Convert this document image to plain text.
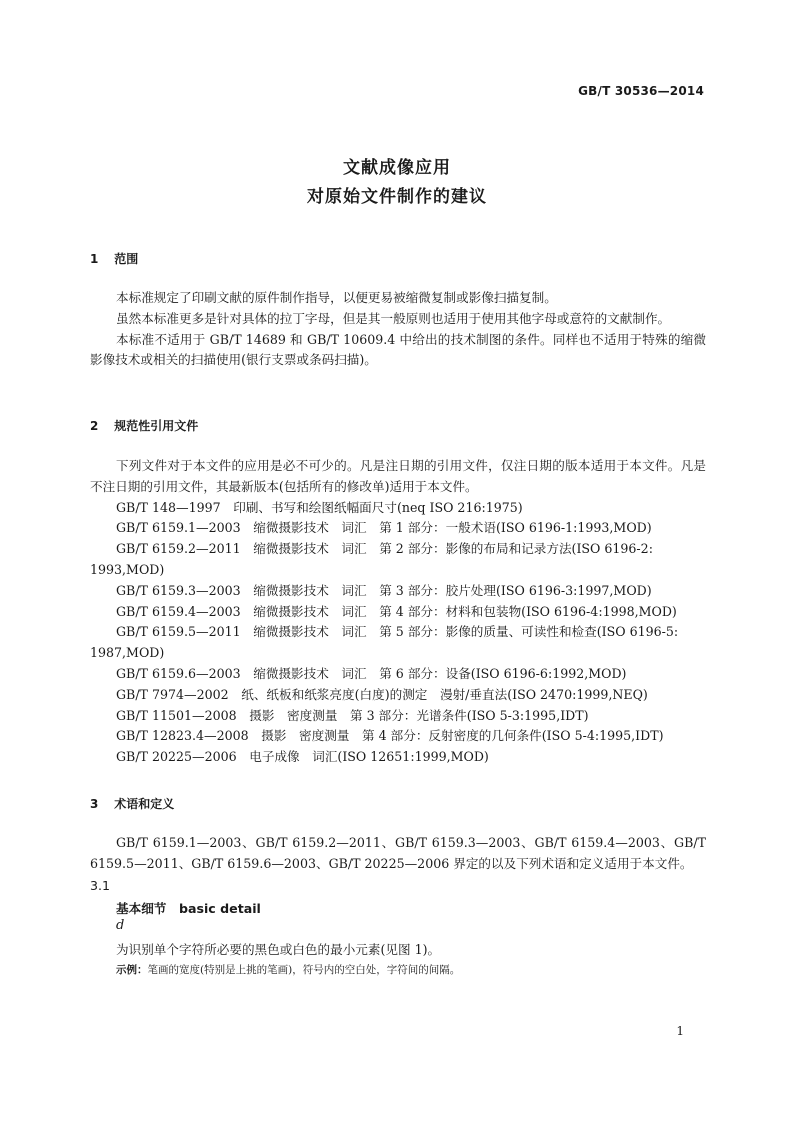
GB/T 30536—2014
文献成像应用
对原始文件制作的建议
1 范围

本标准规定了印刷文献的原件制作指导，以便更易被缩微复制或影像扫描复制。

虽然本标准更多是针对具体的拉丁字母，但是其一般原则也适用于使用其他字母或意符的文献制作。

本标准不适用于 GB/T 14689 和 GB/T 10609.4 中给出的技术制图的条件。同样也不适用于特殊的缩微影像技术或相关的扫描使用(银行支票或条码扫描)。

2 规范性引用文件

下列文件对于本文件的应用是必不可少的。凡是注日期的引用文件，仅注日期的版本适用于本文件。凡是不注日期的引用文件，其最新版本(包括所有的修改单)适用于本文件。

GB/T 148—1997　印刷、书写和绘图纸幅面尺寸(neq ISO 216:1975)

GB/T 6159.1—2003　缩微摄影技术　词汇　第 1 部分：一般术语(ISO 6196-1:1993,MOD)

GB/T 6159.2—2011　缩微摄影技术　词汇　第 2 部分：影像的布局和记录方法(ISO 6196-2:

1993,MOD)

GB/T 6159.3—2003　缩微摄影技术　词汇　第 3 部分：胶片处理(ISO 6196-3:1997,MOD)

GB/T 6159.4—2003　缩微摄影技术　词汇　第 4 部分：材料和包装物(ISO 6196-4:1998,MOD)

GB/T 6159.5—2011　缩微摄影技术　词汇　第 5 部分：影像的质量、可读性和检查(ISO 6196-5:

1987,MOD)

GB/T 6159.6—2003　缩微摄影技术　词汇　第 6 部分：设备(ISO 6196-6:1992,MOD)

GB/T 7974—2002　纸、纸板和纸浆亮度(白度)的测定　漫射/垂直法(ISO 2470:1999,NEQ)

GB/T 11501—2008　摄影　密度测量　第 3 部分：光谱条件(ISO 5-3:1995,IDT)

GB/T 12823.4—2008　摄影　密度测量　第 4 部分：反射密度的几何条件(ISO 5-4:1995,IDT)

GB/T 20225—2006　电子成像　词汇(ISO 12651:1999,MOD)

3 术语和定义

GB/T 6159.1—2003、GB/T 6159.2—2011、GB/T 6159.3—2003、GB/T 6159.4—2003、GB/T 6159.5—2011、GB/T 6159.6—2003、GB/T 20225—2006 界定的以及下列术语和定义适用于本文件。

3.1
基本细节　basic detail
d
为识别单个字符所必要的黑色或白色的最小元素(见图 1)。
示例：笔画的宽度(特别是上挑的笔画)，符号内的空白处，字符间的间隔。
1
